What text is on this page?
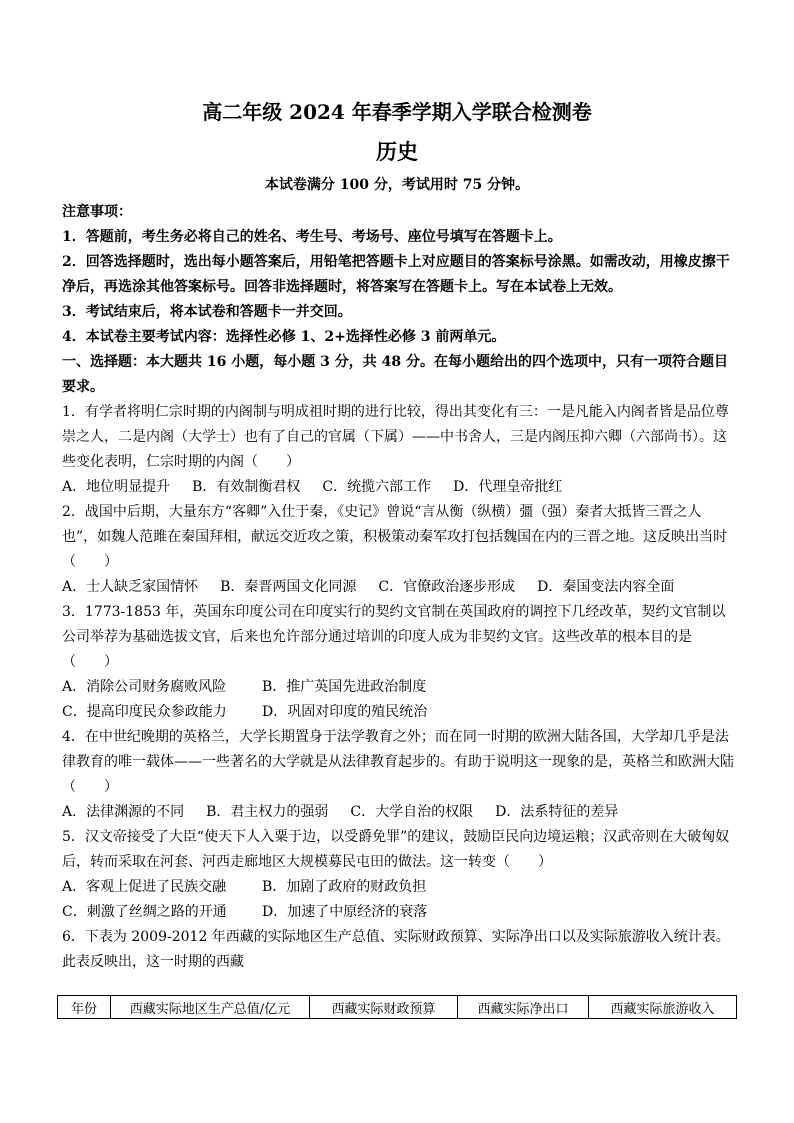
高二年级 2024 年春季学期入学联合检测卷
历史
本试卷满分 100 分，考试用时 75 分钟。

注意事项：

1．答题前，考生务必将自己的姓名、考生号、考场号、座位号填写在答题卡上。

2．回答选择题时，选出每小题答案后，用铅笔把答题卡上对应题目的答案标号涂黑。如需改动，用橡皮擦干净后，再选涂其他答案标号。回答非选择题时，将答案写在答题卡上。写在本试卷上无效。

3．考试结束后，将本试卷和答题卡一并交回。

4．本试卷主要考试内容：选择性必修 1、2+选择性必修 3 前两单元。

一、选择题：本大题共 16 小题，每小题 3 分，共 48 分。在每小题给出的四个选项中，只有一项符合题目要求。

1．有学者将明仁宗时期的内阁制与明成祖时期的进行比较，得出其变化有三：一是凡能入内阁者皆是品位尊崇之人，二是内阁（大学士）也有了自己的官属（下属）——中书舍人，三是内阁压抑六卿（六部尚书）。这些变化表明，仁宗时期的内阁（　　）

A．地位明显提升 B．有效制衡君权 C．统揽六部工作 D．代理皇帝批红

2．战国中后期，大量东方“客卿”入仕于秦，《史记》曾说“言从衡（纵横）彊（强）秦者大抵皆三晋之人也”，如魏人范雎在秦国拜相，献远交近攻之策，积极策动秦军攻打包括魏国在内的三晋之地。这反映出当时（　　）

A．士人缺乏家国情怀 B．秦晋两国文化同源 C．官僚政治逐步形成 D．秦国变法内容全面

3．1773-1853 年，英国东印度公司在印度实行的契约文官制在英国政府的调控下几经改革，契约文官制以公司举荐为基础选拔文官，后来也允许部分通过培训的印度人成为非契约文官。这些改革的根本目的是（　　）

A．消除公司财务腐败风险	B．推广英国先进政治制度
C．提高印度民众参政能力	D．巩固对印度的殖民统治

4．在中世纪晚期的英格兰，大学长期置身于法学教育之外；而在同一时期的欧洲大陆各国，大学却几乎是法律教育的唯一载体——一些著名的大学就是从法律教育起步的。有助于说明这一现象的是，英格兰和欧洲大陆（　　）

A．法律渊源的不同 B．君主权力的强弱 C．大学自治的权限 D．法系特征的差异

5．汉文帝接受了大臣“使天下人入粟于边，以受爵免罪”的建议，鼓励臣民向边境运粮；汉武帝则在大破匈奴后，转而采取在河套、河西走廊地区大规模募民屯田的做法。这一转变（　　）

A．客观上促进了民族交融	B．加剧了政府的财政负担
C．刺激了丝绸之路的开通	D．加速了中原经济的衰落

6．下表为 2009-2012 年西藏的实际地区生产总值、实际财政预算、实际净出口以及实际旅游收入统计表。此表反映出，这一时期的西藏

年份	西藏实际地区生产总值/亿元	西藏实际财政预算	西藏实际净出口	西藏实际旅游收入
